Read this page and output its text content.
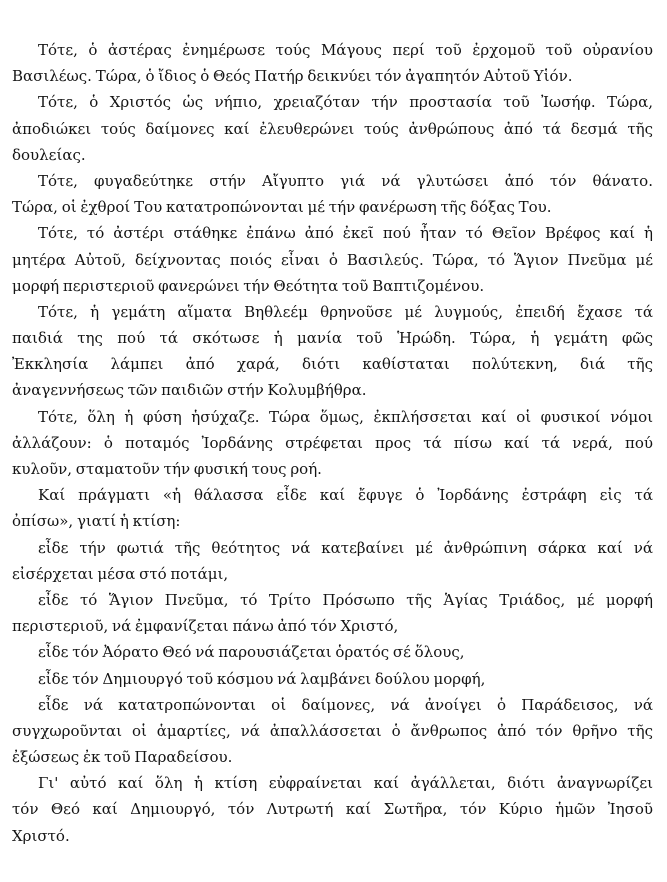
Τότε, ὁ ἀστέρας ἐνημέρωσε τούς Μάγους περί τοῦ ἐρχομοῦ τοῦ οὐρανίου
Βασιλέως. Τώρα, ὁ ἴδιος ὁ Θεός Πατήρ δεικνύει τόν ἀγαπητόν Αὐτοῦ Υἱόν.
Τότε, ὁ Χριστός ὡς νήπιο, χρειαζόταν τήν προστασία τοῦ Ἰωσήφ. Τώρα,
ἀποδιώκει τούς δαίμονες καί ἐλευθερώνει τούς ἀνθρώπους ἀπό τά δεσμά τῆς
δουλείας.
Τότε, φυγαδεύτηκε στήν Αἴγυπτο γιά νά γλυτώσει ἀπό τόν θάνατο.
Τώρα, οἱ ἐχθροί Του κατατροπώνονται μέ τήν φανέρωση τῆς δόξας Του.
Τότε, τό ἀστέρι στάθηκε ἐπάνω ἀπό ἐκεῖ πού ἦταν τό Θεῖον Βρέφος καί ἡ
μητέρα Αὐτοῦ, δείχνοντας ποιός εἶναι ὁ Βασιλεύς. Τώρα, τό Ἅγιον Πνεῦμα μέ
μορφή περιστεριοῦ φανερώνει τήν Θεότητα τοῦ Βαπτιζομένου.
Τότε, ἡ γεμάτη αἵματα Βηθλεέμ θρηνοῦσε μέ λυγμούς, ἐπειδή ἔχασε τά
παιδιά της πού τά σκότωσε ἡ μανία τοῦ Ἡρώδη. Τώρα, ἡ γεμάτη φῶς
Ἐκκλησία λάμπει ἀπό χαρά, διότι καθίσταται πολύτεκνη, διά τῆς
ἀναγεννήσεως τῶν παιδιῶν στήν Κολυμβήθρα.
Τότε, ὅλη ἡ φύση ἡσύχαζε. Τώρα ὅμως, ἐκπλήσσεται καί οἱ φυσικοί νόμοι
ἀλλάζουν: ὁ ποταμός Ἰορδάνης στρέφεται προς τά πίσω καί τά νερά, πού
κυλοῦν, σταματοῦν τήν φυσική τους ροή.
Καί πράγματι «ἡ θάλασσα εἶδε καί ἔφυγε ὁ Ἰορδάνης ἐστράφη εἰς τά
ὀπίσω», γιατί ἡ κτίση:
εἶδε τήν φωτιά τῆς θεότητος νά κατεβαίνει μέ ἀνθρώπινη σάρκα καί νά
εἰσέρχεται μέσα στό ποτάμι,
εἶδε τό Ἅγιον Πνεῦμα, τό Τρίτο Πρόσωπο τῆς Ἁγίας Τριάδος, μέ μορφή
περιστεριοῦ, νά ἐμφανίζεται πάνω ἀπό τόν Χριστό,
εἶδε τόν Ἀόρατο Θεό νά παρουσιάζεται ὁρατός σέ ὅλους,
εἶδε τόν Δημιουργό τοῦ κόσμου νά λαμβάνει δούλου μορφή,
εἶδε νά κατατροπώνονται οἱ δαίμονες, νά ἀνοίγει ὁ Παράδεισος, νά
συγχωροῦνται οἱ ἁμαρτίες, νά ἀπαλλάσσεται ὁ ἄνθρωπος ἀπό τόν θρῆνο τῆς
ἐξώσεως ἐκ τοῦ Παραδείσου.
Γι' αὐτό καί ὅλη ἡ κτίση εὐφραίνεται καί ἀγάλλεται, διότι ἀναγνωρίζει
τόν Θεό καί Δημιουργό, τόν Λυτρωτή καί Σωτῆρα, τόν Κύριο ἡμῶν Ἰησοῦ
Χριστό.
